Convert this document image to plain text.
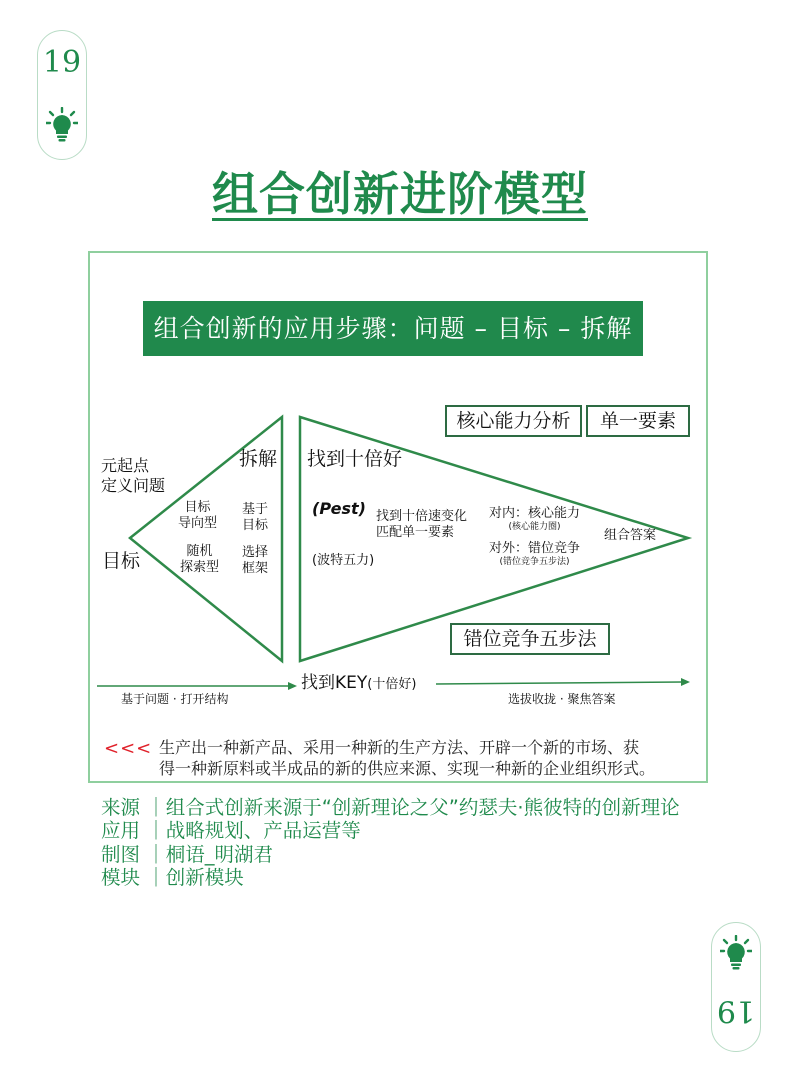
19
组合创新进阶模型
组合创新的应用步骤：问题 – 目标 – 拆解
核心能力分析	单一要素
错位竞争五步法
元起点
定义问题
目标
拆解
目标
导向型
随机
探索型
基于
目标
选择
框架
找到十倍好
(Pest)
(波特五力)
找到十倍速变化
匹配单一要素
对内：核心能力
(核心能力圈)
对外：错位竞争
(错位竞争五步法)
组合答案
基于问题 · 打开结构
找到KEY(十倍好)
选拔收拢 · 聚焦答案
<<< 生产出一种新产品、采用一种新的生产方法、开辟一个新的市场、获
得一种新原料或半成品的新的供应来源、实现一种新的企业组织形式。
来源 ｜组合式创新来源于“创新理论之父”约瑟夫·熊彼特的创新理论
应用 ｜战略规划、产品运营等
制图 ｜桐语_明湖君
模块 ｜创新模块
19
